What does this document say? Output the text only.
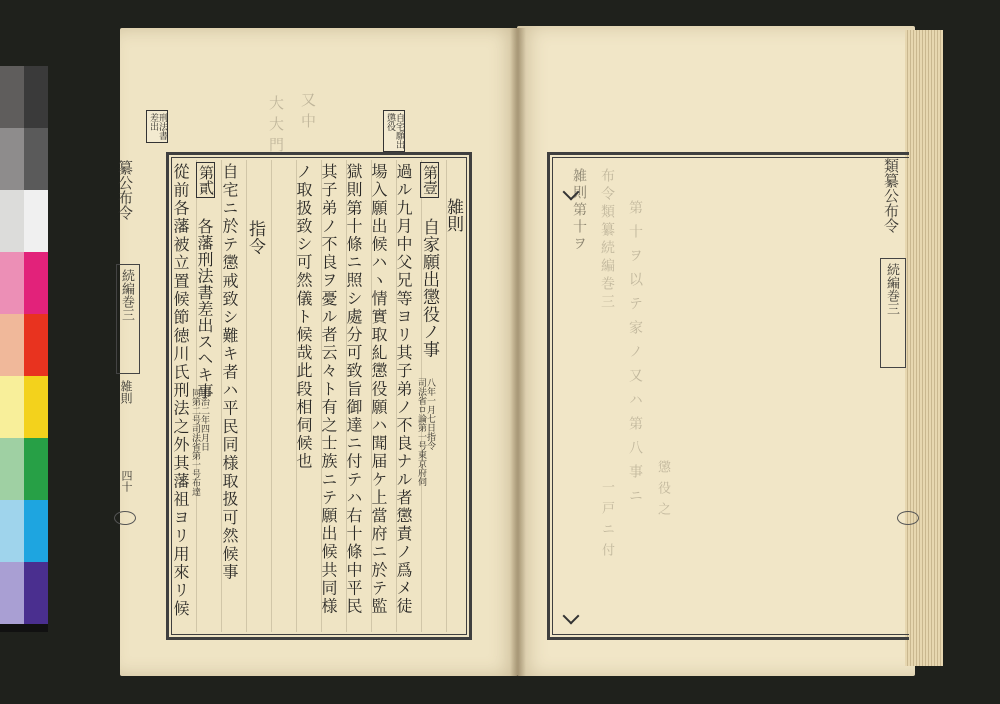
大大門 又中
刑法書
差出	自宅願出
懲役
纂公布令
続編巻三
雑則
四十
雑則
第壹
自家願出懲役ノ事
八年一月七日指令
司法省ロ論第一号東京府伺
過ル九月中父兄等ヨリ其子弟ノ不良ナル者懲責ノ爲メ徒
場入願出候ハヽ情實取糺懲役願ハ聞届ケ上當府ニ於テ監
獄則第十條ニ照シ處分可致旨御達ニ付テハ右十條中平民
其子弟ノ不良ヲ憂ル者云々ト有之士族ニテ願出候共同様
ノ取扱致シ可然儀ト候哉此段相伺候也
指令
自宅ニ於テ懲戒致シ難キ者ハ平民同様取扱可然候事
第貳
各藩刑法書差出スヘキ事
明治二年四月日
同第二号司法省第一号布達
從前各藩被立置候節徳川氏刑法之外其藩祖ヨリ用來リ候	雑則第十ヲ 布令類纂続編巻三 第十ヲ以テ家ノ又ハ第八事ニ
一戸ニ付	懲役之
類纂公布令
続編巻三
